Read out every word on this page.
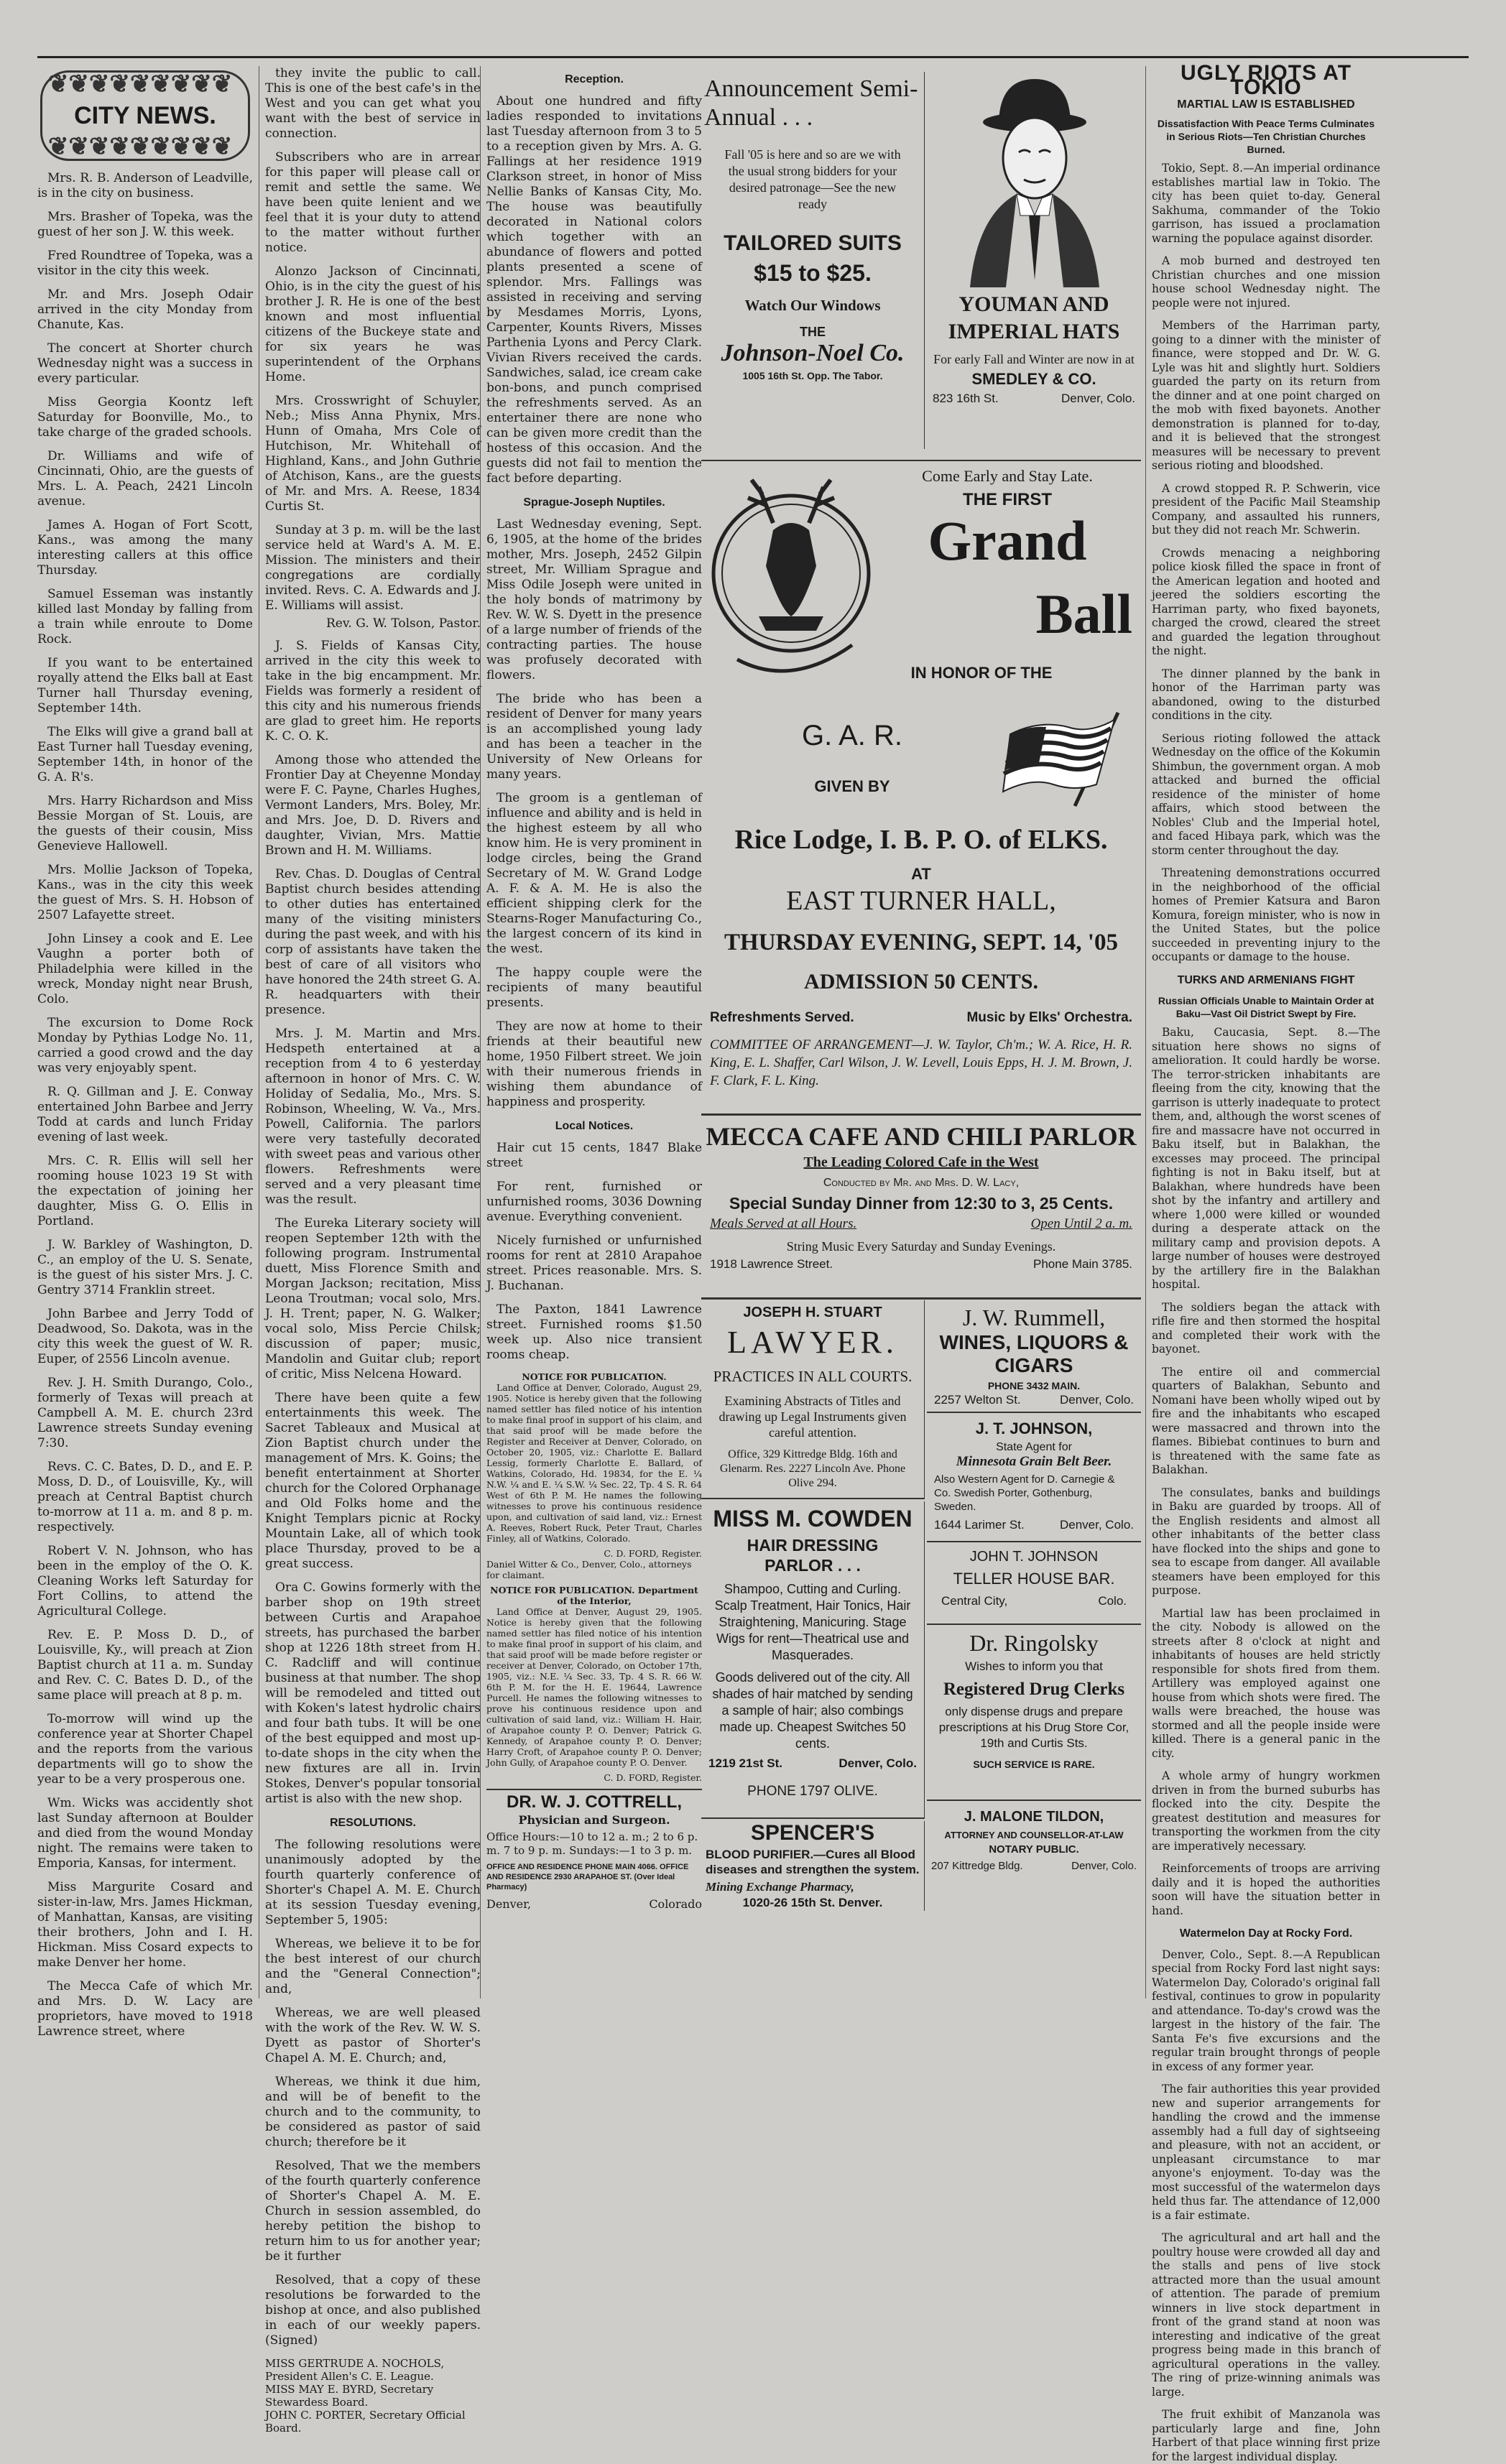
❦❦❦❦❦❦❦❦❦
CITY NEWS.
❦❦❦❦❦❦❦❦❦

Mrs. R. B. Anderson of Leadville, is in the city on business.

Mrs. Brasher of Topeka, was the guest of her son J. W. this week.

Fred Roundtree of Topeka, was a visitor in the city this week.

Mr. and Mrs. Joseph Odair arrived in the city Monday from Chanute, Kas.

The concert at Shorter church Wednesday night was a success in every particular.

Miss Georgia Koontz left Saturday for Boonville, Mo., to take charge of the graded schools.

Dr. Williams and wife of Cincinnati, Ohio, are the guests of Mrs. L. A. Peach, 2421 Lincoln avenue.

James A. Hogan of Fort Scott, Kans., was among the many interesting callers at this office Thursday.

Samuel Esseman was instantly killed last Monday by falling from a train while enroute to Dome Rock.

If you want to be entertained royally attend the Elks ball at East Turner hall Thursday evening, September 14th.

The Elks will give a grand ball at East Turner hall Tuesday evening, September 14th, in honor of the G. A. R's.

Mrs. Harry Richardson and Miss Bessie Morgan of St. Louis, are the guests of their cousin, Miss Genevieve Hallowell.

Mrs. Mollie Jackson of Topeka, Kans., was in the city this week the guest of Mrs. S. H. Hobson of 2507 Lafayette street.

John Linsey a cook and E. Lee Vaughn a porter both of Philadelphia were killed in the wreck, Monday night near Brush, Colo.

The excursion to Dome Rock Monday by Pythias Lodge No. 11, carried a good crowd and the day was very enjoyably spent.

R. Q. Gillman and J. E. Conway entertained John Barbee and Jerry Todd at cards and lunch Friday evening of last week.

Mrs. C. R. Ellis will sell her rooming house 1023 19 St with the expectation of joining her daughter, Miss G. O. Ellis in Portland.

J. W. Barkley of Washington, D. C., an employ of the U. S. Senate, is the guest of his sister Mrs. J. C. Gentry 3714 Franklin street.

John Barbee and Jerry Todd of Deadwood, So. Dakota, was in the city this week the guest of W. R. Euper, of 2556 Lincoln avenue.

Rev. J. H. Smith Durango, Colo., formerly of Texas will preach at Campbell A. M. E. church 23rd Lawrence streets Sunday evening 7:30.

Revs. C. C. Bates, D. D., and E. P. Moss, D. D., of Louisville, Ky., will preach at Central Baptist church to-morrow at 11 a. m. and 8 p. m. respectively.

Robert V. N. Johnson, who has been in the employ of the O. K. Cleaning Works left Saturday for Fort Collins, to attend the Agricultural College.

Rev. E. P. Moss D. D., of Louisville, Ky., will preach at Zion Baptist church at 11 a. m. Sunday and Rev. C. C. Bates D. D., of the same place will preach at 8 p. m.

To-morrow will wind up the conference year at Shorter Chapel and the reports from the various departments will go to show the year to be a very prosperous one.

Wm. Wicks was accidently shot last Sunday afternoon at Boulder and died from the wound Monday night. The remains were taken to Emporia, Kansas, for interment.

Miss Margurite Cosard and sister-in-law, Mrs. James Hickman, of Manhattan, Kansas, are visiting their brothers, John and I. H. Hickman. Miss Cosard expects to make Denver her home.

The Mecca Cafe of which Mr. and Mrs. D. W. Lacy are proprietors, have moved to 1918 Lawrence street, where

they invite the public to call. This is one of the best cafe's in the West and you can get what you want with the best of service in connection.

Subscribers who are in arrear for this paper will please call or remit and settle the same. We have been quite lenient and we feel that it is your duty to attend to the matter without further notice.

Alonzo Jackson of Cincinnati, Ohio, is in the city the guest of his brother J. R. He is one of the best known and most influential citizens of the Buckeye state and for six years he was superintendent of the Orphans Home.

Mrs. Crosswright of Schuyler, Neb.; Miss Anna Phynix, Mrs. Hunn of Omaha, Mrs Cole of Hutchison, Mr. Whitehall of Highland, Kans., and John Guthrie of Atchison, Kans., are the guests of Mr. and Mrs. A. Reese, 1834 Curtis St.

Sunday at 3 p. m. will be the last service held at Ward's A. M. E. Mission. The ministers and their congregations are cordially invited. Revs. C. A. Edwards and J. E. Williams will assist.

Rev. G. W. Tolson, Pastor.

J. S. Fields of Kansas City, arrived in the city this week to take in the big encampment. Mr. Fields was formerly a resident of this city and his numerous friends are glad to greet him. He reports K. C. O. K.

Among those who attended the Frontier Day at Cheyenne Monday were F. C. Payne, Charles Hughes, Vermont Landers, Mrs. Boley, Mr. and Mrs. Joe, D. D. Rivers and daughter, Vivian, Mrs. Mattie Brown and H. M. Williams.

Rev. Chas. D. Douglas of Central Baptist church besides attending to other duties has entertained many of the visiting ministers during the past week, and with his corp of assistants have taken the best of care of all visitors who have honored the 24th street G. A. R. headquarters with their presence.

Mrs. J. M. Martin and Mrs. Hedspeth entertained at a reception from 4 to 6 yesterday afternoon in honor of Mrs. C. W. Holiday of Sedalia, Mo., Mrs. S. Robinson, Wheeling, W. Va., Mrs. Powell, California. The parlors were very tastefully decorated with sweet peas and various other flowers. Refreshments were served and a very pleasant time was the result.

The Eureka Literary society will reopen September 12th with the following program. Instrumental duett, Miss Florence Smith and Morgan Jackson; recitation, Miss Leona Troutman; vocal solo, Mrs. J. H. Trent; paper, N. G. Walker; vocal solo, Miss Percie Chilsk; discussion of paper; music, Mandolin and Guitar club; report of critic, Miss Nelcena Howard.

There have been quite a few entertainments this week. The Sacret Tableaux and Musical at Zion Baptist church under the management of Mrs. K. Goins; the benefit entertainment at Shorter church for the Colored Orphanage and Old Folks home and the Knight Templars picnic at Rocky Mountain Lake, all of which took place Thursday, proved to be a great success.

Ora C. Gowins formerly with the barber shop on 19th street between Curtis and Arapahoe streets, has purchased the barber shop at 1226 18th street from H. C. Radcliff and will continue business at that number. The shop will be remodeled and titted out with Koken's latest hydrolic chairs and four bath tubs. It will be one of the best equipped and most up-to-date shops in the city when the new fixtures are all in. Irvin Stokes, Denver's popular tonsorial artist is also with the new shop.

RESOLUTIONS.

The following resolutions were unanimously adopted by the fourth quarterly conference of Shorter's Chapel A. M. E. Church at its session Tuesday evening, September 5, 1905:

Whereas, we believe it to be for the best interest of our church and the "General Connection"; and,

Whereas, we are well pleased with the work of the Rev. W. W. S. Dyett as pastor of Shorter's Chapel A. M. E. Church; and,

Whereas, we think it due him, and will be of benefit to the church and to the community, to be considered as pastor of said church; therefore be it

Resolved, That we the members of the fourth quarterly conference of Shorter's Chapel A. M. E. Church in session assembled, do hereby petition the bishop to return him to us for another year; be it further

Resolved, that a copy of these resolutions be forwarded to the bishop at once, and also published in each of our weekly papers. (Signed)

MISS GERTRUDE A. NOCHOLS, President Allen's C. E. League.
MISS MAY E. BYRD, Secretary Stewardess Board.
JOHN C. PORTER, Secretary Official Board.
Reception.

About one hundred and fifty ladies responded to invitations last Tuesday afternoon from 3 to 5 to a reception given by Mrs. A. G. Fallings at her residence 1919 Clarkson street, in honor of Miss Nellie Banks of Kansas City, Mo. The house was beautifully decorated in National colors which together with an abundance of flowers and potted plants presented a scene of splendor. Mrs. Fallings was assisted in receiving and serving by Mesdames Morris, Lyons, Carpenter, Kounts Rivers, Misses Parthenia Lyons and Percy Clark. Vivian Rivers received the cards. Sandwiches, salad, ice cream cake bon-bons, and punch comprised the refreshments served. As an entertainer there are none who can be given more credit than the hostess of this occasion. And the guests did not fail to mention the fact before departing.

Sprague-Joseph Nuptiles.

Last Wednesday evening, Sept. 6, 1905, at the home of the brides mother, Mrs. Joseph, 2452 Gilpin street, Mr. William Sprague and Miss Odile Joseph were united in the holy bonds of matrimony by Rev. W. W. S. Dyett in the presence of a large number of friends of the contracting parties. The house was profusely decorated with flowers.

The bride who has been a resident of Denver for many years is an accomplished young lady and has been a teacher in the University of New Orleans for many years.

The groom is a gentleman of influence and ability and is held in the highest esteem by all who know him. He is very prominent in lodge circles, being the Grand Secretary of M. W. Grand Lodge A. F. & A. M. He is also the efficient shipping clerk for the Stearns-Roger Manufacturing Co., the largest concern of its kind in the west.

The happy couple were the recipients of many beautiful presents.

They are now at home to their friends at their beautiful new home, 1950 Filbert street. We join with their numerous friends in wishing them abundance of happiness and prosperity.

Local Notices.

Hair cut 15 cents, 1847 Blake street

For rent, furnished or unfurnished rooms, 3036 Downing avenue. Everything convenient.

Nicely furnished or unfurnished rooms for rent at 2810 Arapahoe street. Prices reasonable. Mrs. S. J. Buchanan.

The Paxton, 1841 Lawrence street. Furnished rooms $1.50 week up. Also nice transient rooms cheap.

NOTICE FOR PUBLICATION.

Land Office at Denver, Colorado, August 29, 1905. Notice is hereby given that the following named settler has filed notice of his intention to make final proof in support of his claim, and that said proof will be made before the Register and Receiver at Denver, Colorado, on October 20, 1905, viz.: Charlotte E. Ballard Lessig, formerly Charlotte E. Ballard, of Watkins, Colorado, Hd. 19834, for the E. ¼ N.W. ¼ and E. ¼ S.W. ¼ Sec. 22, Tp. 4 S. R. 64 West of 6th P. M. He names the following witnesses to prove his continuous residence upon, and cultivation of said land, viz.: Ernest A. Reeves, Robert Ruck, Peter Traut, Charles Finley, all of Watkins, Colorado.

C. D. FORD, Register.
Daniel Witter & Co., Denver, Colo., attorneys for claimant.
NOTICE FOR PUBLICATION. Department of the Interior,

Land Office at Denver, August 29, 1905. Notice is hereby given that the following named settler has filed notice of his intention to make final proof in support of his claim, and that said proof will be made before register or receiver at Denver, Colorado, on October 17th, 1905, viz.: N.E. ¼ Sec. 33, Tp. 4 S. R. 66 W. 6th P. M. for the H. E. 19644, Lawrence Purcell. He names the following witnesses to prove his continuous residence upon and cultivation of said land, viz.: William H. Hair, of Arapahoe county P. O. Denver; Patrick G. Kennedy, of Arapahoe county P. O. Denver; Harry Croft, of Arapahoe county P. O. Denver; John Gully, of Arapahoe county P. O. Denver.

C. D. FORD, Register.
DR. W. J. COTTRELL,
Physician and Surgeon.
Office Hours:—10 to 12 a. m.; 2 to 6 p. m. 7 to 9 p. m. Sundays:—1 to 3 p. m.
OFFICE AND RESIDENCE PHONE MAIN 4066. OFFICE AND RESIDENCE 2930 ARAPAHOE ST. (Over Ideal Pharmacy)
Denver,	Colorado
Announcement Semi-Annual . . .
Fall '05 is here and so are we with the usual strong bidders for your desired patronage—See the new ready
TAILORED SUITS
$15 to $25.
Watch Our Windows
THE
Johnson-Noel Co.
1005 16th St. Opp. The Tabor.
YOUMAN AND IMPERIAL HATS
For early Fall and Winter are now in at
SMEDLEY & CO.
823 16th St.	Denver, Colo.
Come Early and Stay Late.
THE FIRST
Grand
Ball
IN HONOR OF THE
G. A. R.
GIVEN BY
Rice Lodge, I. B. P. O. of ELKS.
AT
EAST TURNER HALL,
THURSDAY EVENING, SEPT. 14, '05
ADMISSION 50 CENTS.
Refreshments Served.	Music by Elks' Orchestra.
COMMITTEE OF ARRANGEMENT—J. W. Taylor, Ch'm.; W. A. Rice, H. R. King, E. L. Shaffer, Carl Wilson, J. W. Levell, Louis Epps, H. J. M. Brown, J. F. Clark, F. L. King.
MECCA CAFE AND CHILI PARLOR
The Leading Colored Cafe in the West
Conducted by Mr. and Mrs. D. W. Lacy,
Special Sunday Dinner from 12:30 to 3, 25 Cents.
Meals Served at all Hours.	Open Until 2 a. m.
String Music Every Saturday and Sunday Evenings.
1918 Lawrence Street.	Phone Main 3785.
JOSEPH H. STUART
LAWYER.
PRACTICES IN ALL COURTS.
Examining Abstracts of Titles and drawing up Legal Instruments given careful attention.
Office, 329 Kittredge Bldg. 16th and Glenarm. Res. 2227 Lincoln Ave. Phone Olive 294.
MISS M. COWDEN
HAIR DRESSING PARLOR . . .
Shampoo, Cutting and Curling. Scalp Treatment, Hair Tonics, Hair Straightening, Manicuring. Stage Wigs for rent—Theatrical use and Masquerades.
Goods delivered out of the city. All shades of hair matched by sending a sample of hair; also combings made up. Cheapest Switches 50 cents.
1219 21st St.	Denver, Colo.
PHONE 1797 OLIVE.
SPENCER'S
BLOOD PURIFIER.—Cures all Blood diseases and strengthen the system.
Mining Exchange Pharmacy,
1020-26 15th St. Denver.
J. W. Rummell,
WINES, LIQUORS & CIGARS
PHONE 3432 MAIN.
2257 Welton St.	Denver, Colo.
J. T. JOHNSON,
State Agent for
Minnesota Grain Belt Beer.
Also Western Agent for D. Carnegie & Co. Swedish Porter, Gothenburg, Sweden.
1644 Larimer St.	Denver, Colo.
JOHN T. JOHNSON
TELLER HOUSE BAR.
Central City,	Colo.
Dr. Ringolsky
Wishes to inform you that
Registered Drug Clerks
only dispense drugs and prepare prescriptions at his Drug Store Cor, 19th and Curtis Sts.
SUCH SERVICE IS RARE.
J. MALONE TILDON,
ATTORNEY AND COUNSELLOR-AT-LAW
NOTARY PUBLIC.
207 Kittredge Bldg.	Denver, Colo.
UGLY RIOTS AT TOKIO
MARTIAL LAW IS ESTABLISHED
Dissatisfaction With Peace Terms Culminates in Serious Riots—Ten Christian Churches Burned.

Tokio, Sept. 8.—An imperial ordinance establishes martial law in Tokio. The city has been quiet to-day. General Sakhuma, commander of the Tokio garrison, has issued a proclamation warning the populace against disorder.

A mob burned and destroyed ten Christian churches and one mission house school Wednesday night. The people were not injured.

Members of the Harriman party, going to a dinner with the minister of finance, were stopped and Dr. W. G. Lyle was hit and slightly hurt. Soldiers guarded the party on its return from the dinner and at one point charged on the mob with fixed bayonets. Another demonstration is planned for to-day, and it is believed that the strongest measures will be necessary to prevent serious rioting and bloodshed.

A crowd stopped R. P. Schwerin, vice president of the Pacific Mail Steamship Company, and assaulted his runners, but they did not reach Mr. Schwerin.

Crowds menacing a neighboring police kiosk filled the space in front of the American legation and hooted and jeered the soldiers escorting the Harriman party, who fixed bayonets, charged the crowd, cleared the street and guarded the legation throughout the night.

The dinner planned by the bank in honor of the Harriman party was abandoned, owing to the disturbed conditions in the city.

Serious rioting followed the attack Wednesday on the office of the Kokumin Shimbun, the government organ. A mob attacked and burned the official residence of the minister of home affairs, which stood between the Nobles' Club and the Imperial hotel, and faced Hibaya park, which was the storm center throughout the day.

Threatening demonstrations occurred in the neighborhood of the official homes of Premier Katsura and Baron Komura, foreign minister, who is now in the United States, but the police succeeded in preventing injury to the occupants or damage to the house.

TURKS AND ARMENIANS FIGHT
Russian Officials Unable to Maintain Order at Baku—Vast Oil District Swept by Fire.

Baku, Caucasia, Sept. 8.—The situation here shows no signs of amelioration. It could hardly be worse. The terror-stricken inhabitants are fleeing from the city, knowing that the garrison is utterly inadequate to protect them, and, although the worst scenes of fire and massacre have not occurred in Baku itself, but in Balakhan, the excesses may proceed. The principal fighting is not in Baku itself, but at Balakhan, where hundreds have been shot by the infantry and artillery and where 1,000 were killed or wounded during a desperate attack on the military camp and provision depots. A large number of houses were destroyed by the artillery fire in the Balakhan hospital.

The soldiers began the attack with rifle fire and then stormed the hospital and completed their work with the bayonet.

The entire oil and commercial quarters of Balakhan, Sebunto and Nomani have been wholly wiped out by fire and the inhabitants who escaped were massacred and thrown into the flames. Bibiebat continues to burn and is threatened with the same fate as Balakhan.

The consulates, banks and buildings in Baku are guarded by troops. All of the English residents and almost all other inhabitants of the better class have flocked into the ships and gone to sea to escape from danger. All available steamers have been employed for this purpose.

Martial law has been proclaimed in the city. Nobody is allowed on the streets after 8 o'clock at night and inhabitants of houses are held strictly responsible for shots fired from them. Artillery was employed against one house from which shots were fired. The walls were breached, the house was stormed and all the people inside were killed. There is a general panic in the city.

A whole army of hungry workmen driven in from the burned suburbs has flocked into the city. Despite the greatest destitution and measures for transporting the workmen from the city are imperatively necessary.

Reinforcements of troops are arriving daily and it is hoped the authorities soon will have the situation better in hand.

Watermelon Day at Rocky Ford.

Denver, Colo., Sept. 8.—A Republican special from Rocky Ford last night says: Watermelon Day, Colorado's original fall festival, continues to grow in popularity and attendance. To-day's crowd was the largest in the history of the fair. The Santa Fe's five excursions and the regular train brought throngs of people in excess of any former year.

The fair authorities this year provided new and superior arrangements for handling the crowd and the immense assembly had a full day of sightseeing and pleasure, with not an accident, or unpleasant circumstance to mar anyone's enjoyment. To-day was the most successful of the watermelon days held thus far. The attendance of 12,000 is a fair estimate.

The agricultural and art hall and the poultry house were crowded all day and the stalls and pens of live stock attracted more than the usual amount of attention. The parade of premium winners in live stock department in front of the grand stand at noon was interesting and indicative of the great progress being made in this branch of agricultural operations in the valley. The ring of prize-winning animals was large.

The fruit exhibit of Manzanola was particularly large and fine, John Harbert of that place winning first prize for the largest individual display.
